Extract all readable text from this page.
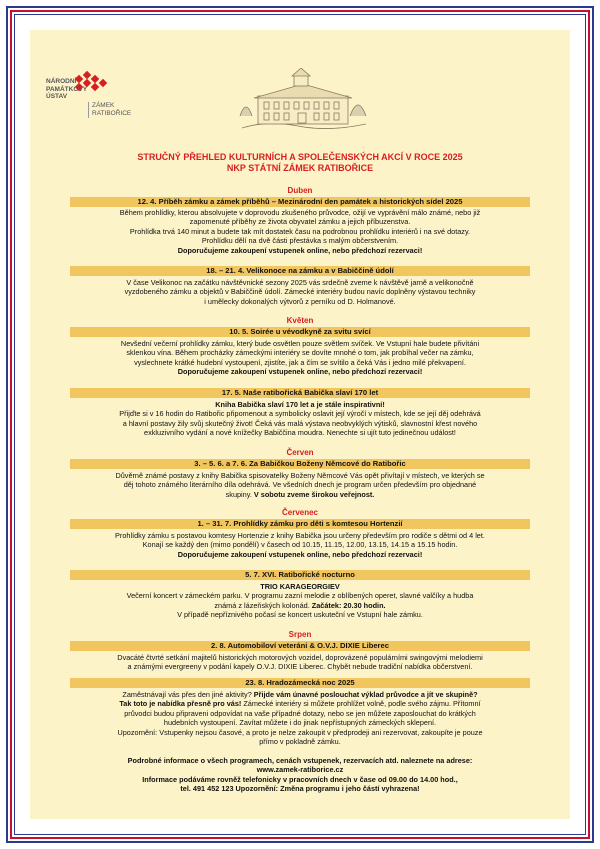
NÁRODNÍ
PAMÁTKOVÝ
ÚSTAV
ZÁMEK
RATIBOŘICE
STRUČNÝ PŘEHLED KULTURNÍCH A SPOLEČENSKÝCH AKCÍ V ROCE 2025
NKP STÁTNÍ ZÁMEK RATIBOŘICE
Duben
12. 4. Příběh zámku a zámek příběhů – Mezinárodní den památek a historických sídel 2025
Během prohlídky, kterou absolvujete v doprovodu zkušeného průvodce, ožijí ve vyprávění málo známé, nebo již
zapomenuté příběhy ze života obyvatel zámku a jejich příbuzenstva.
Prohlídka trvá 140 minut a budete tak mít dostatek času na podrobnou prohlídku interiérů i na své dotazy.
Prohlídku dělí na dvě části přestávka s malým občerstvením.
Doporučujeme zakoupení vstupenek online, nebo předchozí rezervaci!
18. – 21. 4. Velikonoce na zámku a v Babiččině údolí
V čase Velikonoc na začátku návštěvnické sezony 2025 vás srdečně zveme k návštěvě jarně a velikonočně
vyzdobeného zámku a objektů v Babiččině údolí. Zámecké interiéry budou navíc doplněny výstavou techniky
i umělecky dokonalých výtvorů z perníku od D. Holmanové.
Květen
10. 5. Soirée u vévodkyně za svitu svící
Nevšední večerní prohlídky zámku, který bude osvětlen pouze světlem svíček. Ve Vstupní hale budete přivítáni
sklenkou vína. Během procházky zámeckými interiéry se dovíte mnohé o tom, jak probíhal večer na zámku,
vyslechnete krátké hudební vystoupení, zjistíte, jak a čím se svítilo a čeká Vás i jedno milé překvapení.
Doporučujeme zakoupení vstupenek online, nebo předchozí rezervaci!
17. 5. Naše ratibořická Babička slaví 170 let
Kniha Babička slaví 170 let a je stále inspirativní!
Přijďte si v 16 hodin do Ratibořic připomenout a symbolicky oslavit její výročí v místech, kde se její děj odehrává
a hlavní postavy žily svůj skutečný život! Čeká vás malá výstava neobvyklých výtisků, slavnostní křest nového
exkluzivního vydání a nové knížečky Babiččina moudra. Nenechte si ujít tuto jedinečnou událost!
Červen
3. – 5. 6. a 7. 6. Za Babičkou Boženy Němcové do Ratibořic
Důvěrně známé postavy z knihy Babička spisovatelky Boženy Němcové Vás opět přivítají v místech, ve kterých se
děj tohoto známého literárního díla odehrává. Ve všedních dnech je program určen především pro objednané
skupiny. V sobotu zveme širokou veřejnost.
Červenec
1. – 31. 7. Prohlídky zámku pro děti s komtesou Hortenzií
Prohlídky zámku s postavou komtesy Hortenzie z knihy Babička jsou určeny především pro rodiče s dětmi od 4 let.
Konají se každý den (mimo pondělí) v časech od 10.15, 11.15, 12.00, 13.15, 14.15 a 15.15 hodin.
Doporučujeme zakoupení vstupenek online, nebo předchozí rezervaci!
5. 7. XVI. Ratibořické nocturno
TRIO KARAGEORGIEV
Večerní koncert v zámeckém parku. V programu zazní melodie z oblíbených operet, slavné valčíky a hudba
známá z lázeňských kolonád. Začátek: 20.30 hodin.
V případě nepříznivého počasí se koncert uskuteční ve Vstupní hale zámku.
Srpen
2. 8. Automobiloví veteráni & O.V.J. DIXIE Liberec
Dvacáté čtvrté setkání majitelů historických motorových vozidel, doprovázené populárními swingovými melodiemi
a známými evergreeny v podání kapely O.V.J. DIXIE Liberec. Chybět nebude tradiční nabídka občerstvení.
23. 8. Hradozámecká noc 2025
Zaměstnávají vás přes den jiné aktivity? Přijde vám únavné poslouchat výklad průvodce a jít ve skupině?
Tak toto je nabídka přesně pro vás! Zámecké interiéry si můžete prohlížet volně, podle svého zájmu. Přítomní
průvodci budou připraveni odpovídat na vaše případné dotazy, nebo se jen můžete zaposlouchat do krátkých
hudebních vystoupení. Zavítat můžete i do jinak nepřístupných zámeckých sklepení.
Upozornění: Vstupenky nejsou časové, a proto je nelze zakoupit v předprodeji ani rezervovat, zakoupíte je pouze
přímo v pokladně zámku.
Podrobné informace o všech programech, cenách vstupenek, rezervacích atd. naleznete na adrese:
www.zamek-ratiborice.cz
Informace podáváme rovněž telefonicky v pracovních dnech v čase od 09.00 do 14.00 hod.,
tel. 491 452 123 Upozornění: Změna programu i jeho částí vyhrazena!
